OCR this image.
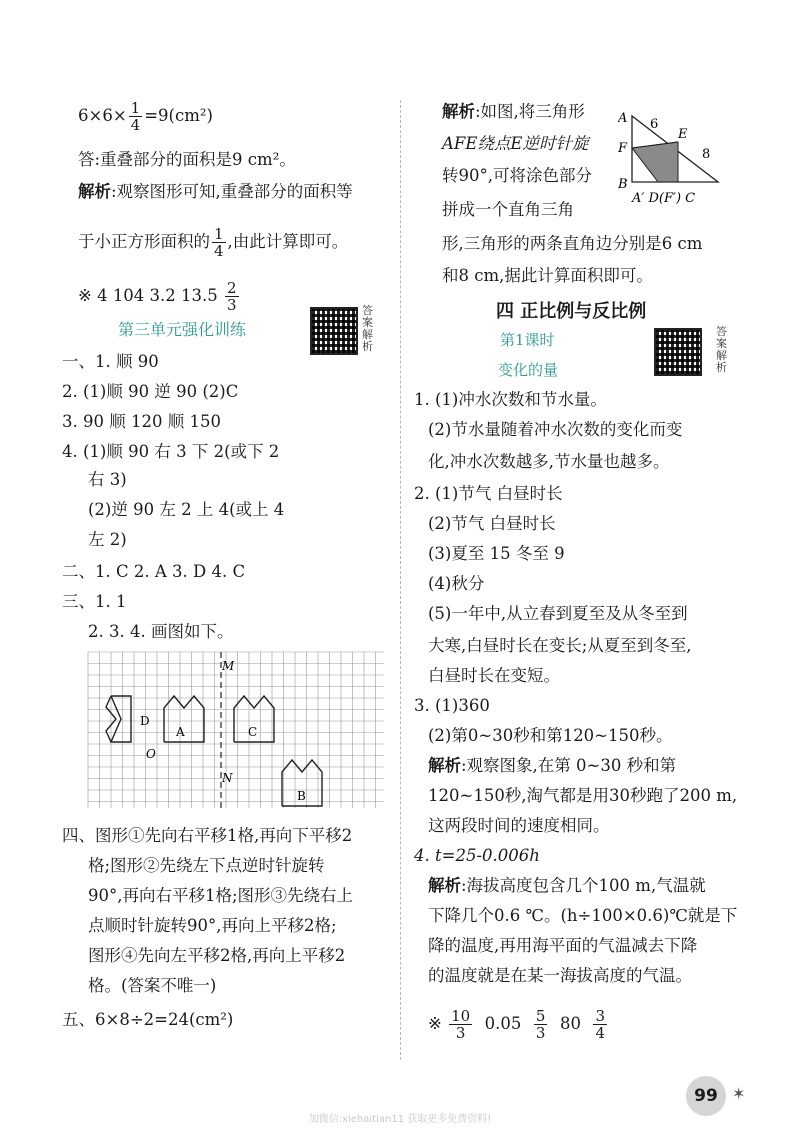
$6\times 6\times \frac{1}{4} =9(cm^2)$
答:重叠部分的面积是9 cm²。
解析:观察图形可知,重叠部分的面积等
于小正方形面积的 $\frac{1}{4}$ ,由此计算即可。
※ 4 104 3.2 $13.5 \frac{2}{3}$
第三单元强化训练
答案解析
一、1. 顺 90
2. (1)顺 90 逆 90 (2)C
3. 90 顺 120 顺 150
4. (1)顺 90 右 3 下 2(或下 2
右 3)
(2)逆 90 左 2 上 4(或上 4
左 2)
二、1. C 2. A 3. D 4. C
三、1. 1
2. 3. 4. 画图如下。
M
N
O
A
B
C
D
四、图形①先向右平移1格,再向下平移2
格;图形②先绕左下点逆时针旋转
90°,再向右平移1格;图形③先绕右上
点顺时针旋转90°,再向上平移2格;
图形④先向左平移2格,再向上平移2
格。(答案不唯一)
五、6×8÷2=24(cm²)
解析:如图,将三角形
AFE绕点E逆时针旋
转90°,可将涂色部分
拼成一个直角三角
形,三角形的两条直角边分别是6 cm
和8 cm,据此计算面积即可。
A
F
B
E
6
8
A′ D(F′) C
四 正比例与反比例
第1课时
变化的量
答案解析
1. (1)冲水次数和节水量。
(2)节水量随着冲水次数的变化而变
化,冲水次数越多,节水量也越多。
2. (1)节气 白昼时长
(2)节气 白昼时长
(3)夏至 15 冬至 9
(4)秋分
(5)一年中,从立春到夏至及从冬至到
大寒,白昼时长在变长;从夏至到冬至,
白昼时长在变短。
3. (1)360
(2)第0~30秒和第120~150秒。
解析:观察图象,在第 0~30 秒和第
120~150秒,淘气都是用30秒跑了200 m,
这两段时间的速度相同。
4. t=25-0.006h
解析:海拔高度包含几个100 m,气温就
下降几个0.6 ℃。(h÷100×0.6)℃就是下
降的温度,再用海平面的气温减去下降
的温度就是在某一海拔高度的气温。
※ $\frac{10}{3} 0.05 \frac{5}{3} 80 \frac{3}{4}$
99 ✶
加微信:xiehaitian11 获取更多免费资料!
